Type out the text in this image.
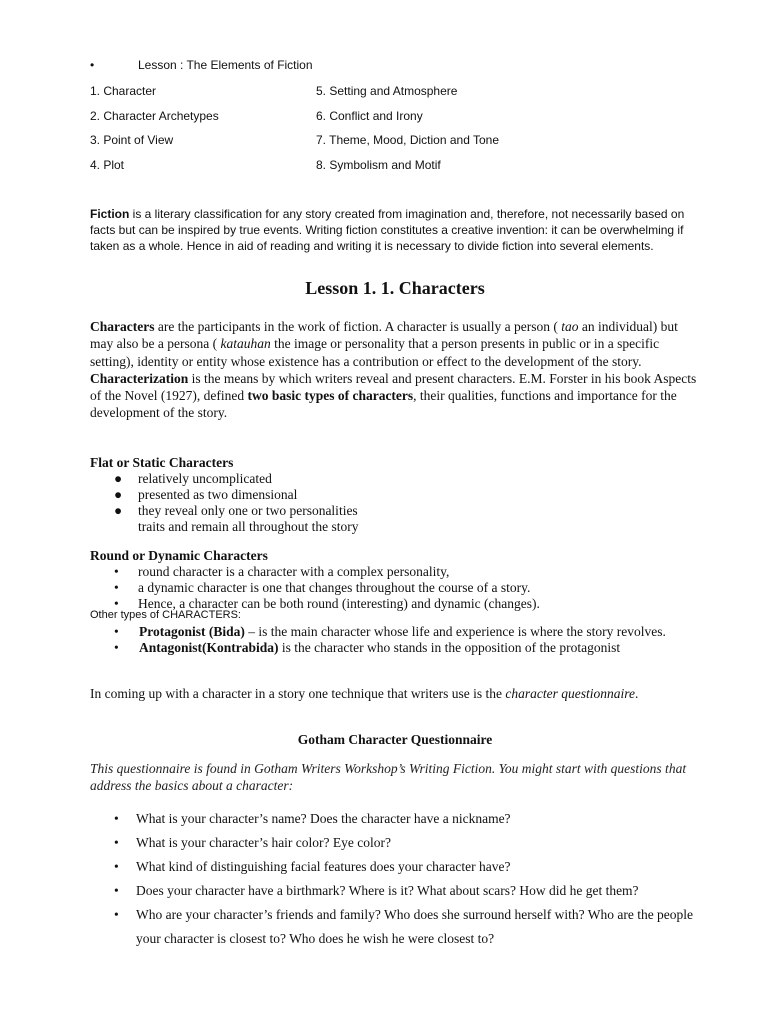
•	Lesson : The Elements of Fiction
1. Character
2. Character Archetypes
3. Point of View
4. Plot
5. Setting and Atmosphere
6. Conflict and Irony
7. Theme, Mood, Diction and Tone
8. Symbolism and Motif
Fiction is a literary classification for any story created from imagination and, therefore, not necessarily based on facts but can be inspired by true events. Writing fiction constitutes a creative invention: it can be overwhelming if taken as a whole. Hence in aid of reading and writing it is necessary to divide fiction into several elements.
Lesson 1. 1. Characters
Characters are the participants in the work of fiction. A character is usually a person ( tao an individual) but may also be a persona ( katauhan the image or personality that a person presents in public or in a specific setting), identity or entity whose existence has a contribution or effect to the development of the story.
Characterization is the means by which writers reveal and present characters. E.M. Forster in his book Aspects of the Novel (1927), defined two basic types of characters, their qualities, functions and importance for the development of the story.
Flat or Static Characters
●	relatively uncomplicated
●	presented as two dimensional
●	they reveal only one or two personalities
traits and remain all throughout the story
Round or Dynamic Characters
•	round character is a character with a complex personality,
•	a dynamic character is one that changes throughout the course of a story.
•	Hence, a character can be both round (interesting) and dynamic (changes).
Other types of CHARACTERS:
•	Protagonist (Bida) – is the main character whose life and experience is where the story revolves.
•	Antagonist(Kontrabida) is the character who stands in the opposition of the protagonist
In coming up with a character in a story one technique that writers use is the character questionnaire.
Gotham Character Questionnaire
This questionnaire is found in Gotham Writers Workshop’s Writing Fiction. You might start with questions that address the basics about a character:
•	What is your character’s name? Does the character have a nickname?
•	What is your character’s hair color? Eye color?
•	What kind of distinguishing facial features does your character have?
•	Does your character have a birthmark? Where is it? What about scars? How did he get them?
•	Who are your character’s friends and family? Who does she surround herself with? Who are the people your character is closest to? Who does he wish he were closest to?
